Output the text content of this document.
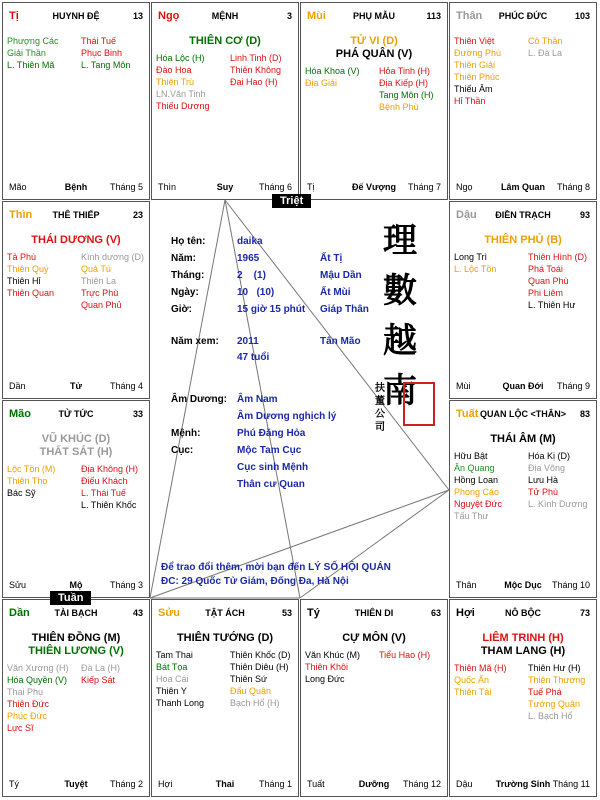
Tị	HUYNH ĐỆ	13
Phượng Các
Giải Thần
L. Thiên Mã
Thái Tuế
Phục Binh
L. Tang Môn
Mão	Bệnh	Tháng 5
Ngọ	MỆNH	3
THIÊN CƠ (D)
Hóa Lộc (H)
Đào Hoa
Thiên Trù
LN.Văn Tinh
Thiếu Dương
Linh Tinh (D)
Thiên Không
Đại Hao (H)
Thìn	Suy	Tháng 6
Mùi	PHỤ MẪU	113
TỬ VI (D)
PHÁ QUÂN (V)
Hóa Khoa (V)
Địa Giải
Hỏa Tinh (H)
Địa Kiếp (H)
Tang Môn (H)
Bệnh Phù
Tị	Đế Vượng	Tháng 7
Thân	PHÚC ĐỨC	103
Thiên Việt
Đường Phù
Thiên Giải
Thiên Phúc
Thiếu Âm
Hỉ Thần
Cô Thần
L. Đà La
Ngọ	Lâm Quan	Tháng 8
Thìn	THÊ THIẾP	23
THÁI DƯƠNG (V)
Tả Phù
Thiên Quý
Thiên Hỉ
Thiên Quan
Kình dương (D)
Quả Tú
Thiên La
Trực Phù
Quan Phủ
Dần	Tử	Tháng 4
Dậu	ĐIỀN TRẠCH	93
THIÊN PHỦ (B)
Long Trì
L. Lộc Tồn
Thiên Hình (D)
Phá Toái
Quan Phù
Phi Liêm
L. Thiên Hư
Mùi	Quan Đới	Tháng 9
Mão	TỬ TỨC	33
VŨ KHÚC (D)
THẤT SÁT (H)
Lộc Tồn (M)
Thiên Thọ
Bác Sỹ
Địa Không (H)
Điếu Khách
L. Thái Tuế
L. Thiên Khốc
Sửu	Mộ	Tháng 3
Tuất QUAN LỘC <THÂN>	83
THÁI ÂM (M)
Hữu Bật
Ân Quang
Hồng Loan
Phong Cáo
Nguyệt Đức
Tấu Thư
Hóa Kị (D)
Địa Võng
Lưu Hà
Tử Phù
L. Kình Dương
Thân	Mộc Dục	Tháng 10
Dần	TÀI BẠCH	43
THIÊN ĐỒNG (M)
THIÊN LƯƠNG (V)
Văn Xương (H)
Hóa Quyền (V)
Thai Phụ
Thiên Đức
Phúc Đức
Lực Sĩ
Đà La (H)
Kiếp Sát
Tý	Tuyệt	Tháng 2
Sửu	TẬT ÁCH	53
THIÊN TƯỚNG (D)
Tam Thai
Bát Tọa
Hoa Cái
Thiên Y
Thanh Long
Thiên Khốc (D)
Thiên Diêu (H)
Thiên Sứ
Đẩu Quân
Bạch Hổ (H)
Hợi	Thai	Tháng 1
Tý	THIÊN DI	63
CỰ MÔN (V)
Văn Khúc (M)
Thiên Khôi
Long Đức
Tiểu Hao (H)
Tuất	Dưỡng	Tháng 12
Hợi	NÔ BỘC	73
LIÊM TRINH (H)
THAM LANG (H)
Thiên Mã (H)
Quốc Ấn
Thiên Tài
Thiên Hư (H)
Thiên Thương
Tuế Phá
Tướng Quân
L. Bạch Hổ
Dậu	Trường Sinh Tháng 11
Họ tên:	daika
Năm:	1965	Ất Tị
Tháng:	2    (1)	Mậu Dần
Ngày:	10   (10)	Ất Mùi
Giờ:	15 giờ 15 phút Giáp Thân
Năm xem: 2011	Tân Mão
47 tuổi
Âm Dương: Âm Nam
Âm Dương nghịch lý
Mệnh:	Phú Đăng Hỏa
Cục:	Mộc Tam Cục
Cục sinh Mệnh
Thân cư Quan
理
數
越
南
扶 董 公 司
Để trao đổi thêm, mời bạn đến LÝ SỐ HỘI QUÁN
ĐC: 29 Quốc Tử Giám, Đống Đa, Hà Nội
Triệt
Tuần
